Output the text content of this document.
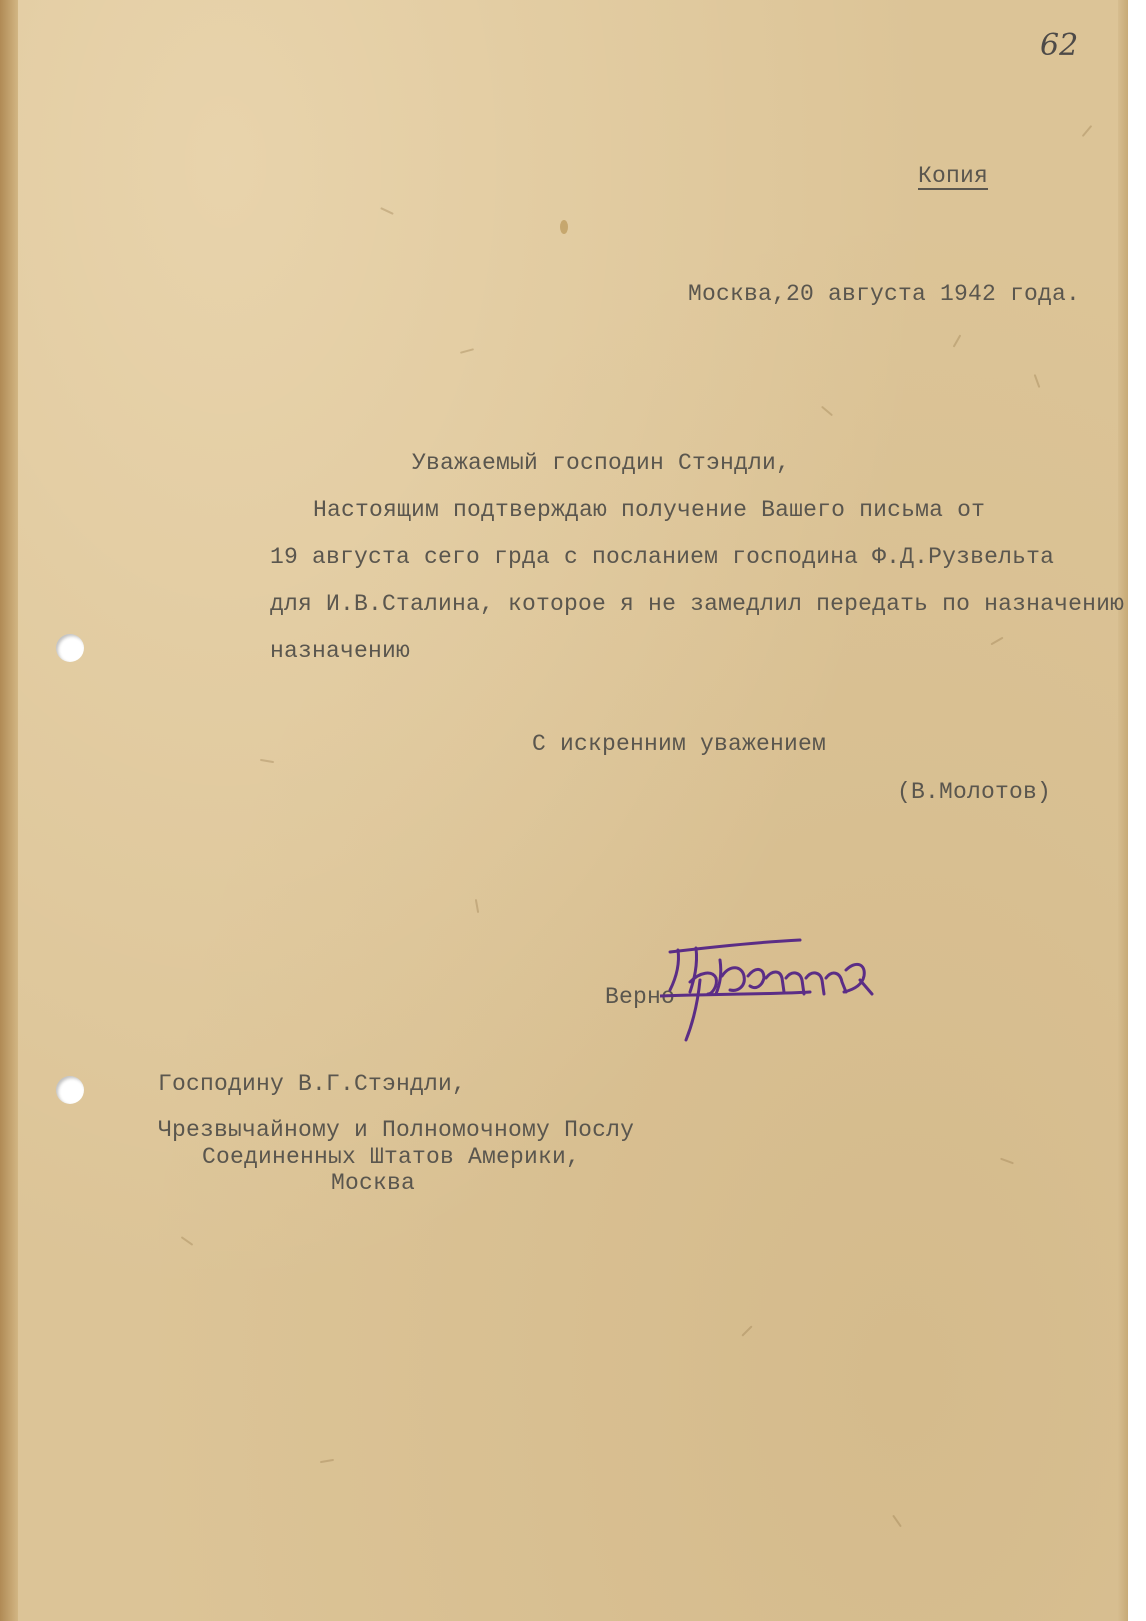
62
Копия
Москва,20 августа 1942 года.
Уважаемый господин Стэндли,
Настоящим подтверждаю получение Вашего письма от
19 августа сего грда с посланием господина Ф.Д.Рузвельта
для И.В.Сталина, которое я не замедлил передать по назначению
назначению
С искренним уважением
(В.Молотов)
Верно
Господину В.Г.Стэндли,
Чрезвычайному и Полномочному Послу
Соединенных Штатов Америки,
Москва
